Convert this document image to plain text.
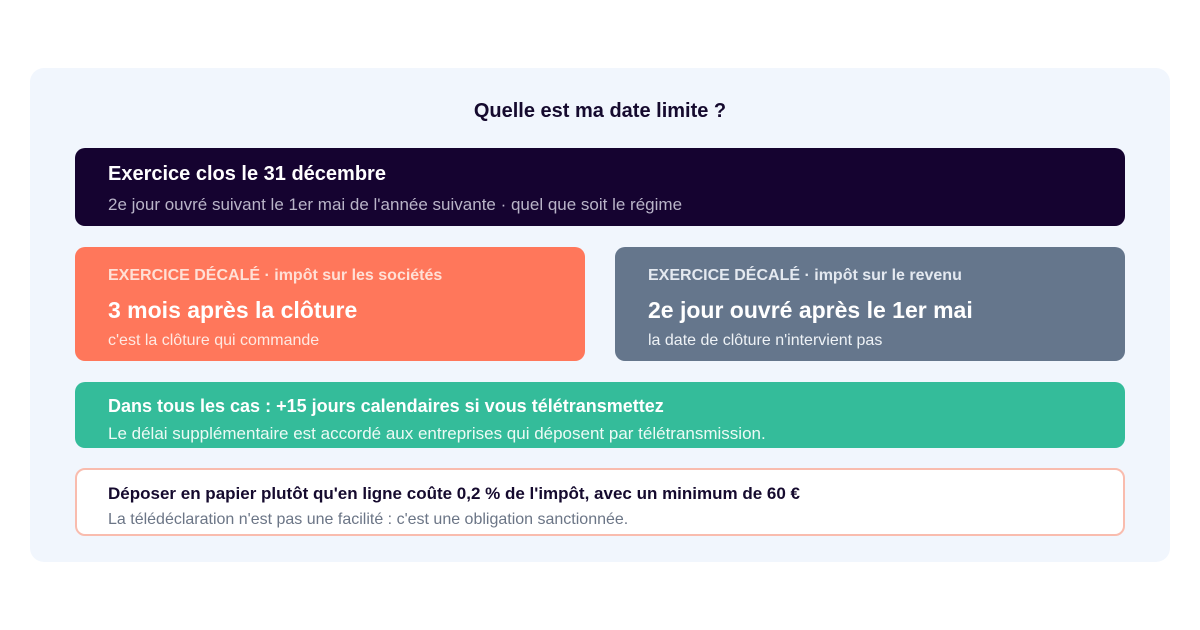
Quelle est ma date limite ?
Exercice clos le 31 décembre
2e jour ouvré suivant le 1er mai de l'année suivante · quel que soit le régime
EXERCICE DÉCALÉ · impôt sur les sociétés
3 mois après la clôture
c'est la clôture qui commande
EXERCICE DÉCALÉ · impôt sur le revenu
2e jour ouvré après le 1er mai
la date de clôture n'intervient pas
Dans tous les cas : +15 jours calendaires si vous télétransmettez
Le délai supplémentaire est accordé aux entreprises qui déposent par télétransmission.
Déposer en papier plutôt qu'en ligne coûte 0,2 % de l'impôt, avec un minimum de 60 €
La télédéclaration n'est pas une facilité : c'est une obligation sanctionnée.
